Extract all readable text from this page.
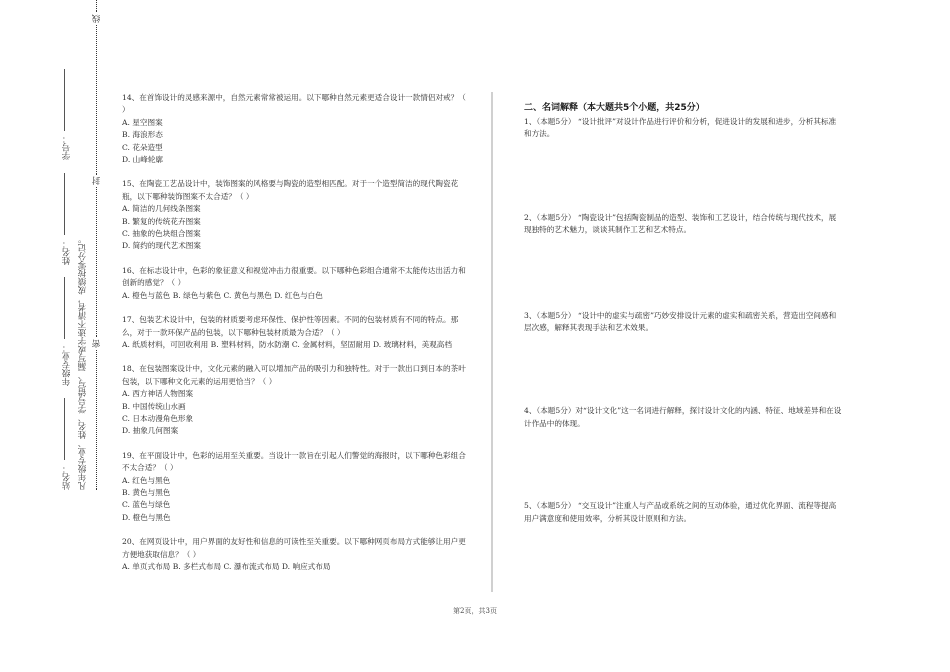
站名： 年级专业： 姓名： 学号：
凡年级专业、姓名、学号错写、漏写或字迹不清者，成绩按零分记。 密封线

14、在首饰设计的灵感来源中，自然元素常常被运用。以下哪种自然元素更适合设计一款情侣对戒？（ ）

A. 星空图案

B. 海浪形态

C. 花朵造型

D. 山峰轮廓

15、在陶瓷工艺品设计中，装饰图案的风格要与陶瓷的造型相匹配。对于一个造型简洁的现代陶瓷花瓶，以下哪种装饰图案不太合适？（ ）

A. 简洁的几何线条图案

B. 繁复的传统花卉图案

C. 抽象的色块组合图案

D. 简约的现代艺术图案

16、在标志设计中，色彩的象征意义和视觉冲击力很重要。以下哪种色彩组合通常不太能传达出活力和创新的感觉？（ ）

A. 橙色与蓝色 B. 绿色与紫色 C. 黄色与黑色 D. 红色与白色

17、包装艺术设计中，包装的材质要考虑环保性、保护性等因素。不同的包装材质有不同的特点。那么，对于一款环保产品的包装，以下哪种包装材质最为合适？（ ）

A. 纸质材料，可回收利用 B. 塑料材料，防水防潮 C. 金属材料，坚固耐用 D. 玻璃材料，美观高档

18、在包装图案设计中，文化元素的融入可以增加产品的吸引力和独特性。对于一款出口到日本的茶叶包装，以下哪种文化元素的运用更恰当？（ ）

A. 西方神话人物图案

B. 中国传统山水画

C. 日本动漫角色形象

D. 抽象几何图案

19、在平面设计中，色彩的运用至关重要。当设计一款旨在引起人们警觉的海报时，以下哪种色彩组合不太合适？（ ）

A. 红色与黑色

B. 黄色与黑色

C. 蓝色与绿色

D. 橙色与黑色

20、在网页设计中，用户界面的友好性和信息的可读性至关重要。以下哪种网页布局方式能够让用户更方便地获取信息？（ ）

A. 单页式布局 B. 多栏式布局 C. 瀑布流式布局 D. 响应式布局

二、名词解释（本大题共5个小题，共25分）

1、（本题5分） “设计批评”对设计作品进行评价和分析，促进设计的发展和进步，分析其标准和方法。

2、（本题5分） “陶瓷设计”包括陶瓷制品的造型、装饰和工艺设计，结合传统与现代技术，展现独特的艺术魅力，谈谈其制作工艺和艺术特点。

3、（本题5分） “设计中的虚实与疏密”巧妙安排设计元素的虚实和疏密关系，营造出空间感和层次感，解释其表现手法和艺术效果。

4、（本题5分）对“设计文化”这一名词进行解释，探讨设计文化的内涵、特征、地域差异和在设计作品中的体现。

5、（本题5分） “交互设计”注重人与产品或系统之间的互动体验，通过优化界面、流程等提高用户满意度和使用效率，分析其设计原则和方法。

第2页，共3页
